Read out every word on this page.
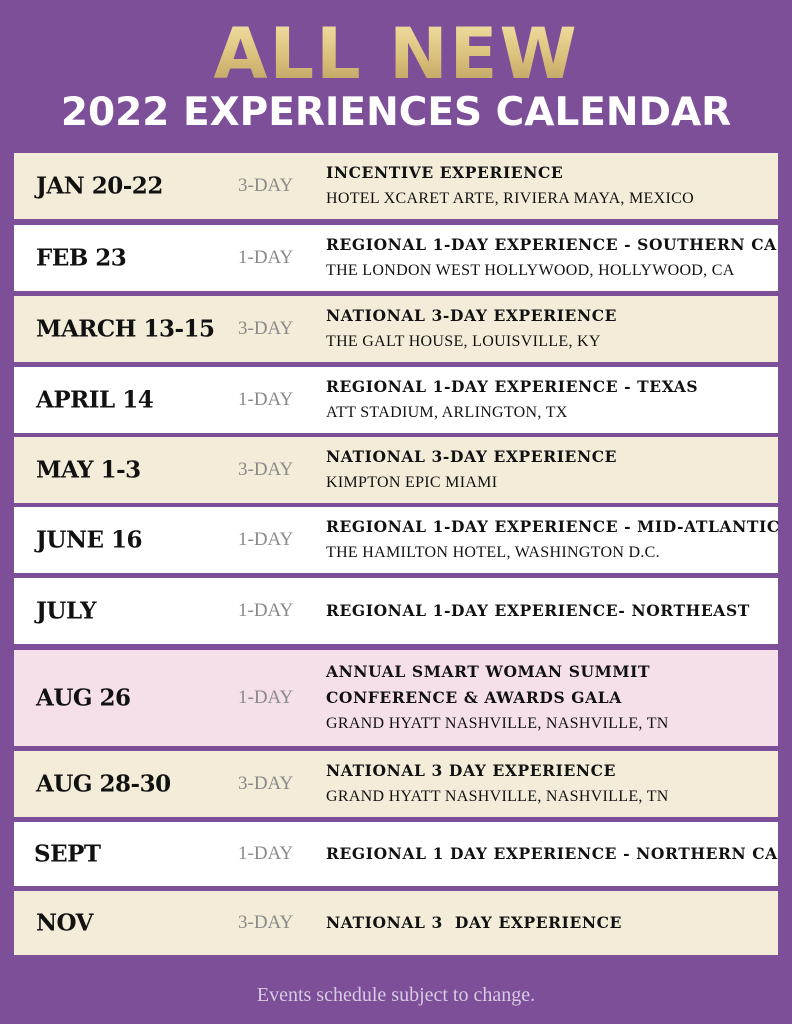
ALL NEW
2022 EXPERIENCES CALENDAR
JAN 20-22	3-DAY
INCENTIVE EXPERIENCE
HOTEL XCARET ARTE, RIVIERA MAYA, MEXICO
FEB 23	1-DAY
REGIONAL 1-DAY EXPERIENCE - SOUTHERN CA
THE LONDON WEST HOLLYWOOD, HOLLYWOOD, CA
MARCH 13-15 3-DAY
NATIONAL 3-DAY EXPERIENCE
THE GALT HOUSE, LOUISVILLE, KY
APRIL 14	1-DAY
REGIONAL 1-DAY EXPERIENCE - TEXAS
ATT STADIUM, ARLINGTON, TX
MAY 1-3	3-DAY
NATIONAL 3-DAY EXPERIENCE
KIMPTON EPIC MIAMI
JUNE 16	1-DAY
REGIONAL 1-DAY EXPERIENCE - MID-ATLANTIC
THE HAMILTON HOTEL, WASHINGTON D.C.
JULY	1-DAY REGIONAL 1-DAY EXPERIENCE- NORTHEAST
AUG 26	1-DAY
ANNUAL SMART WOMAN SUMMIT
CONFERENCE & AWARDS GALA
GRAND HYATT NASHVILLE, NASHVILLE, TN
AUG 28-30	3-DAY
NATIONAL 3 DAY EXPERIENCE
GRAND HYATT NASHVILLE, NASHVILLE, TN
SEPT	1-DAY REGIONAL 1 DAY EXPERIENCE - NORTHERN CA
NOV	3-DAY NATIONAL 3  DAY EXPERIENCE
Events schedule subject to change.
